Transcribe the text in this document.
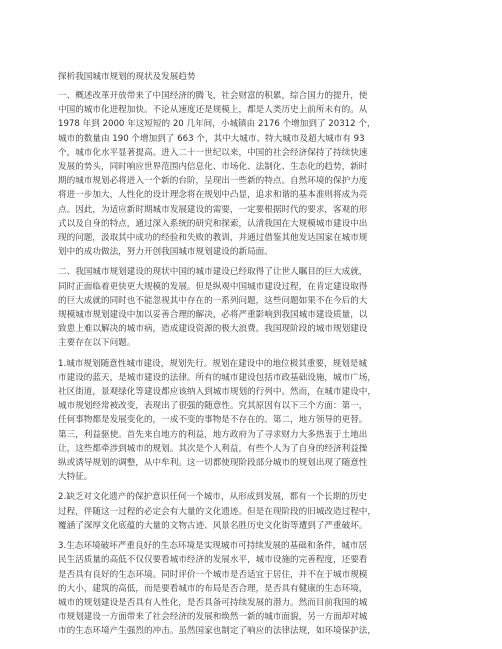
探析我国城市规划的现状及发展趋势
一、概述改革开放带来了中国经济的腾飞，社会财富的积累，综合国力的提升，使
中国的城市化进程加快。不论从速度还是规模上，都是人类历史上前所未有的。从
1978 年到 2000 年这短短的 20 几年间，小城镇由 2176 个增加到了 20312 个，
城市的数量由 190 个增加到了 663 个，其中大城市、特大城市及超大城市有 93
个，城市化水平显著提高。进入二十一世纪以来，中国的社会经济保持了持续快速
发展的势头，同时响应世界范围内信息化、市场化、法制化、生态化的趋势，新时
期的城市规划必将进入一个新的台阶，呈现出一些新的特点。自然环境的保护力度
将进一步加大，人性化的设计理念将在规划中凸显，追求和谐的基本准则将成为亮
点。因此，为适应新时期城市发展建设的需要，一定要根据时代的要求，客观的形
式以及自身的特点，通过深入系统的研究和探索，认清我国在大规模城市建设中出
现的问题，汲取其中成功的经验和失败的教训，并通过借鉴其他发达国家在城市规
划中的成功做法，努力开创我国城市规划建设的新局面。
二、我国城市规划建设的现状中国的城市建设已经取得了让世人瞩目的巨大成就，
同时正面临着更快更大规模的发展。但是纵观中国城市建设过程，在肯定建设取得
的巨大成就的同时也不能忽视其中存在的一系列问题，这些问题如果不在今后的大
规模城市规划建设中加以妥善合理的解决，必将严重影响到我国城市建设质量，以
致患上难以解决的城市病，造成建设资源的极大浪费。我国现阶段的城市规划建设
主要存在以下问题。
1.城市规划随意性城市建设，规划先行。规划在建设中的地位极其重要，规划是城
市建设的蓝天，是城市建设的法律。所有的城市建设包括市政基础设施，城市广场，
社区街道，景观绿化等建设都应该纳入到城市规划的行列中。然而，在城市建设中，
城市规划经常被改变，表现出了很强的随意性。究其原因有以下三个方面：第一，
任何事物都是发展变化的，一成不变的事物是不存在的。第二，地方领导的更替。
第三，利益驱使。首先来自地方的利益，地方政府为了寻求财力大多热衷于土地出
让，这些都牵涉到城市的规划。其次是个人利益，有些个人为了自身的经济利益操
纵或诱导规划的调整，从中牟利。这一切都使现阶段部分城市的规划出现了随意性
大特征。
2.缺乏对文化遗产的保护意识任何一个城市，从形成到发展，都有一个长期的历史
过程，伴随这一过程的必定会有大量的文化遗迹。但是在现阶段的旧城改造过程中，
覆涵了深厚文化底蕴的大量的文物古迹、风景名胜历史文化街等遭到了严重破坏。
3.生态环境破坏严重良好的生态环境是实现城市可持续发展的基础和条件，城市居
民生活质量的高低不仅仅要看城市经济的发展水平，城市设施的完善程度，还要看
是否具有良好的生态环境。同时评价一个城市是否适宜于居住，并不在于城市规模
的大小，建筑的高低，而是要看城市的布局是否合理，是否具有健康的生态环境，
城市的规划建设是否具有人性化，是否具备可持续发展的潜力。然而目前我国的城
市规划建设一方面带来了社会经济的发展和焕然一新的城市面貌，另一方面却对城
市的生态环境产生强烈的冲击。虽然国家也制定了响应的法律法规，如环境保护法，
